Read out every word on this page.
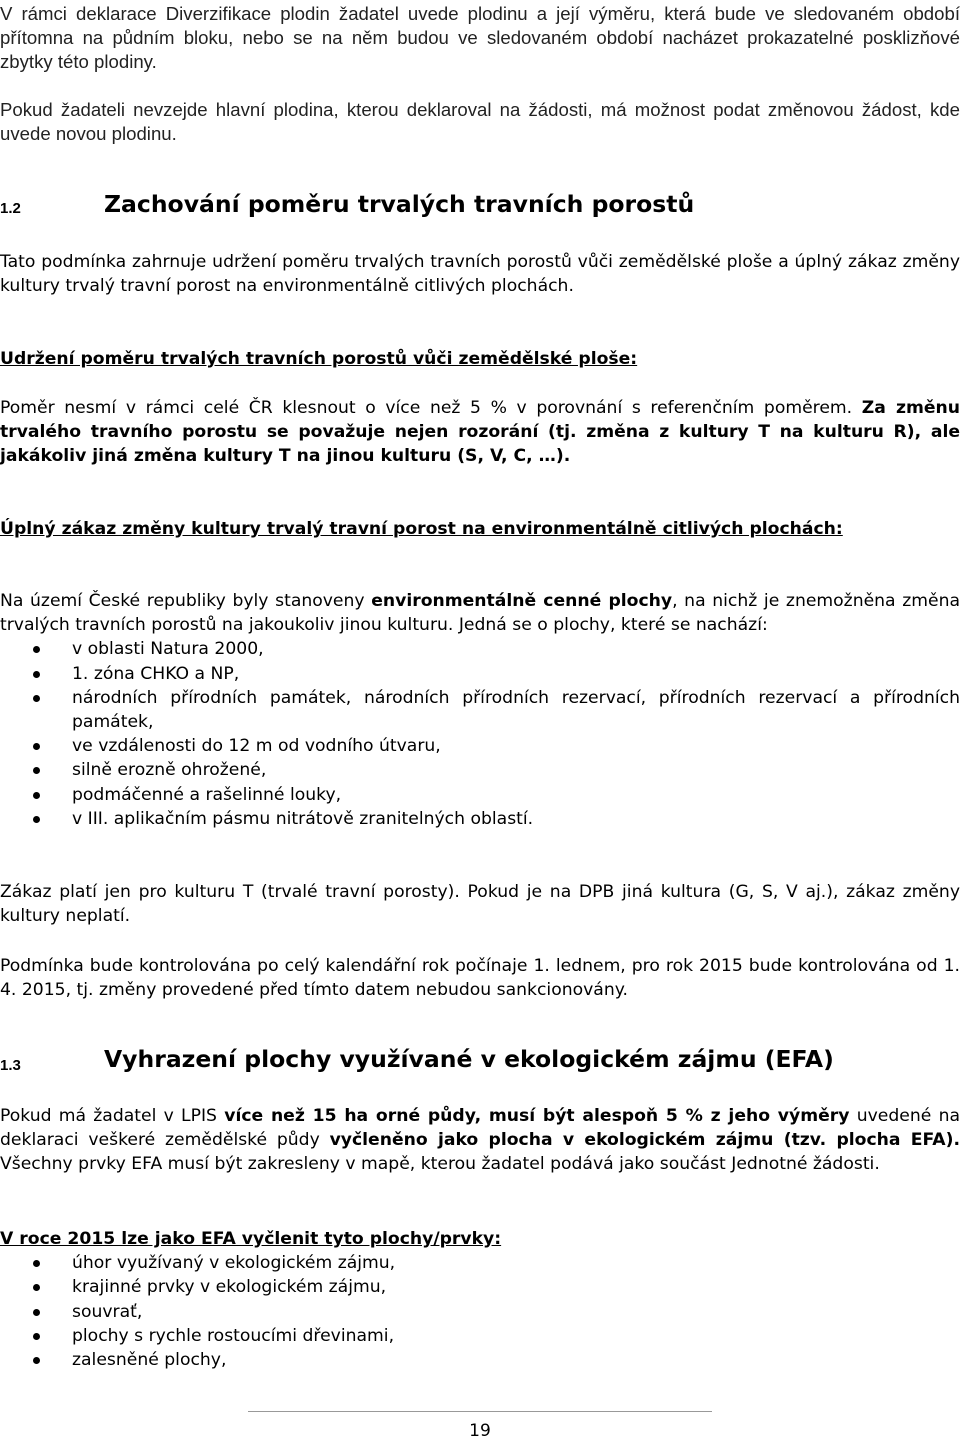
V rámci deklarace Diverzifikace plodin žadatel uvede plodinu a její výměru, která bude ve sledovaném období přítomna na půdním bloku, nebo se na něm budou ve sledovaném období nacházet prokazatelné posklizňové zbytky této plodiny.

Pokud žadateli nevzejde hlavní plodina, kterou deklaroval na žádosti, má možnost podat změnovou žádost, kde uvede novou plodinu.

1.2	Zachování poměru trvalých travních porostů

Tato podmínka zahrnuje udržení poměru trvalých travních porostů vůči zemědělské ploše a úplný zákaz změny kultury trvalý travní porost na environmentálně citlivých plochách.

Udržení poměru trvalých travních porostů vůči zemědělské ploše:

Poměr nesmí v rámci celé ČR klesnout o více než 5 % v porovnání s referenčním poměrem. Za změnu trvalého travního porostu se považuje nejen rozorání (tj. změna z kultury T na kulturu R), ale jakákoliv jiná změna kultury T na jinou kulturu (S, V, C, …).

Úplný zákaz změny kultury trvalý travní porost na environmentálně citlivých plochách:

Na území České republiky byly stanoveny environmentálně cenné plochy, na nichž je znemožněna změna trvalých travních porostů na jakoukoliv jinou kulturu. Jedná se o plochy, které se nachází:

v oblasti Natura 2000,
1. zóna CHKO a NP,
národních přírodních památek, národních přírodních rezervací, přírodních rezervací a přírodních památek,
ve vzdálenosti do 12 m od vodního útvaru,
silně erozně ohrožené,
podmáčenné a rašelinné louky,
v III. aplikačním pásmu nitrátově zranitelných oblastí.

Zákaz platí jen pro kulturu T (trvalé travní porosty). Pokud je na DPB jiná kultura (G, S, V aj.), zákaz změny kultury neplatí.

Podmínka bude kontrolována po celý kalendářní rok počínaje 1. lednem, pro rok 2015 bude kontrolována od 1. 4. 2015, tj. změny provedené před tímto datem nebudou sankcionovány.

1.3	Vyhrazení plochy využívané v ekologickém zájmu (EFA)

Pokud má žadatel v LPIS více než 15 ha orné půdy, musí být alespoň 5 % z jeho výměry uvedené na deklaraci veškeré zemědělské půdy vyčleněno jako plocha v ekologickém zájmu (tzv. plocha EFA). Všechny prvky EFA musí být zakresleny v mapě, kterou žadatel podává jako součást Jednotné žádosti.

V roce 2015 lze jako EFA vyčlenit tyto plochy/prvky:

úhor využívaný v ekologickém zájmu,
krajinné prvky v ekologickém zájmu,
souvrať,
plochy s rychle rostoucími dřevinami,
zalesněné plochy,
19
